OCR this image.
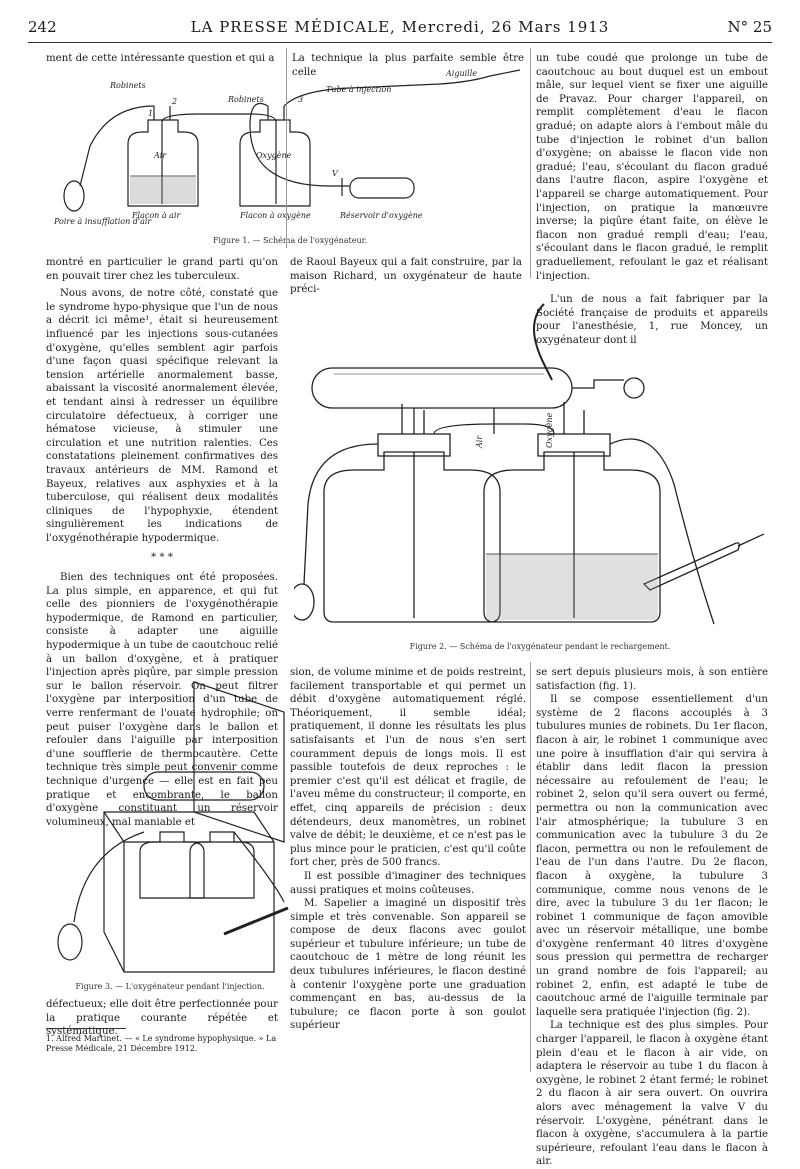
242	LA PRESSE MÉDICALE, Mercredi, 26 Mars 1913	N° 25
ment de cette intéressante question et qui a	La technique la plus parfaite semble être celle
Robinets
Robinets
Tube à injection
Aiguille
Air	Oxygène
Poire à insufflation d'air
Flacon à air	Flacon à oxygène	Réservoir d'oxygène
1
2	3
V
Figure 1. — Schéma de l'oxygénateur.

un tube coudé que prolonge un tube de caoutchouc au bout duquel est un embout mâle, sur lequel vient se fixer une aiguille de Pravaz. Pour charger l'appareil, on remplit complètement d'eau le flacon gradué; on adapte alors à l'embout mâle du tube d'injection le robinet d'un ballon d'oxygène; on abaisse le flacon vide non gradué; l'eau, s'écoulant du flacon gradué dans l'autre flacon, aspire l'oxygène et l'appareil se charge automatiquement. Pour l'injection, on pratique la manœuvre inverse; la piqûre étant faite, on élève le flacon non gradué rempli d'eau; l'eau, s'écoulant dans le flacon gradué, le remplit graduellement, refoulant le gaz et réalisant l'injection.

L'un de nous a fait fabriquer par la Société française de produits et appareils pour l'anesthésie, 1, rue Moncey, un oxygénateur dont il

montré en particulier le grand parti qu'on en pouvait tirer chez les tuberculeux.

Nous avons, de notre côté, constaté que le syndrome hypo-physique que l'un de nous a décrit ici même¹, était si heureusement influencé par les injections sous-cutanées d'oxygène, qu'elles semblent agir parfois d'une façon quasi spécifique relevant la tension artérielle anormalement basse, abaissant la viscosité anormalement élevée, et tendant ainsi à redresser un équilibre circulatoire défectueux, à corriger une hématose vicieuse, à stimuler une circulation et une nutrition ralenties. Ces constatations pleinement confirmatives des travaux antérieurs de MM. Ramond et Bayeux, relatives aux asphyxies et à la tuberculose, qui réalisent deux modalités cliniques de l'hypophyxie, étendent singulièrement les indications de l'oxygénothérapie hypodermique.

* * *

Bien des techniques ont été proposées. La plus simple, en apparence, et qui fut celle des pionniers de l'oxygénothérapie hypodermique, de Ramond en particulier, consiste à adapter une aiguille hypodermique à un tube de caoutchouc relié à un ballon d'oxygène, et à pratiquer l'injection après piqûre, par simple pression sur le ballon réservoir. On peut filtrer l'oxygène par interposition d'un tube de verre renfermant de l'ouate hydrophile; on peut puiser l'oxygène dans le ballon et refouler dans l'aiguille par interposition d'une soufflerie de thermocautère. Cette technique très simple peut convenir comme technique d'urgence — elle est en fait peu pratique et encombrante, le ballon d'oxygène constituant un réservoir volumineux, mal maniable et

de Raoul Bayeux qui a fait construire, par la maison Richard, un oxygénateur de haute préci-
Air	Oxygène
Figure 2. — Schéma de l'oxygénateur pendant le rechargement.
Figure 3. — L'oxygénateur pendant l'injection.

sion, de volume minime et de poids restreint, facilement transportable et qui permet un débit d'oxygène automatiquement réglé. Théoriquement, il semble idéal; pratiquement, il donne les résultats les plus satisfaisants et l'un de nous s'en sert couramment depuis de longs mois. Il est passible toutefois de deux reproches : le premier c'est qu'il est délicat et fragile, de l'aveu même du constructeur; il comporte, en effet, cinq appareils de précision : deux détendeurs, deux manomètres, un robinet valve de débit; le deuxième, et ce n'est pas le plus mince pour le praticien, c'est qu'il coûte fort cher, près de 500 francs.

Il est possible d'imaginer des techniques aussi pratiques et moins coûteuses.

M. Sapelier a imaginé un dispositif très simple et très convenable. Son appareil se compose de deux flacons avec goulot supérieur et tubulure inférieure; un tube de caoutchouc de 1 mètre de long réunit les deux tubulures inférieures, le flacon destiné à contenir l'oxygène porte une graduation commençant en bas, au-dessus de la tubulure; ce flacon porte à son goulot supérieur

se sert depuis plusieurs mois, à son entière satisfaction (fig. 1).

Il se compose essentiellement d'un système de 2 flacons accouplés à 3 tubulures munies de robinets. Du 1er flacon, flacon à air, le robinet 1 communique avec une poire à insufflation d'air qui servira à établir dans ledit flacon la pression nécessaire au refoulement de l'eau; le robinet 2, selon qu'il sera ouvert ou fermé, permettra ou non la communication avec l'air atmosphérique; la tubulure 3 en communication avec la tubulure 3 du 2e flacon, permettra ou non le refoulement de l'eau de l'un dans l'autre. Du 2e flacon, flacon à oxygène, la tubulure 3 communique, comme nous venons de le dire, avec la tubulure 3 du 1er flacon; le robinet 1 communique de façon amovible avec un réservoir métallique, une bombe d'oxygène renfermant 40 litres d'oxygène sous pression qui permettra de recharger un grand nombre de fois l'appareil; au robinet 2, enfin, est adapté le tube de caoutchouc armé de l'aiguille terminale par laquelle sera pratiquée l'injection (fig. 2).

La technique est des plus simples. Pour charger l'appareil, le flacon à oxygène étant plein d'eau et le flacon à air vide, on adaptera le réservoir au tube 1 du flacon à oxygène, le robinet 2 étant fermé; le robinet 2 du flacon à air sera ouvert. On ouvrira alors avec ménagement la valve V du réservoir. L'oxygène, pénétrant dans le flacon à oxygène, s'accumulera à la partie supérieure, refoulant l'eau dans le flacon à air.

défectueux; elle doit être perfectionnée pour la pratique courante répétée et systématique.
1. Alfred Martinet. — « Le syndrome hypophysique. » La Presse Médicale, 21 Décembre 1912.
